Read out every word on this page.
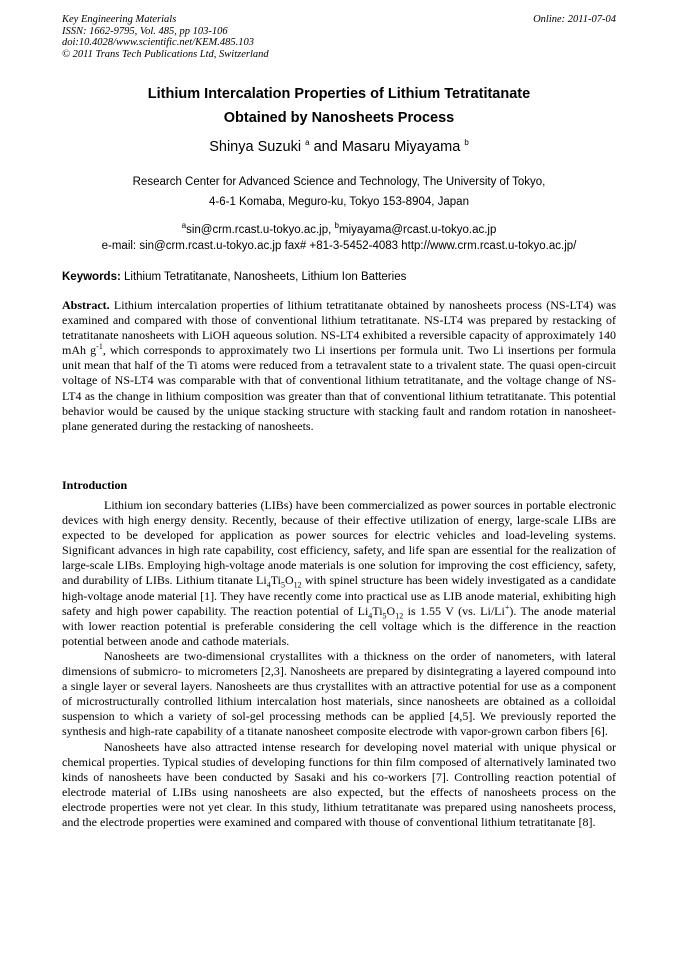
Key Engineering Materials
ISSN: 1662-9795, Vol. 485, pp 103-106
doi:10.4028/www.scientific.net/KEM.485.103
© 2011 Trans Tech Publications Ltd, Switzerland
Online: 2011-07-04
Lithium Intercalation Properties of Lithium Tetratitanate
Obtained by Nanosheets Process
Shinya Suzuki $^a$ and Masaru Miyayama $^b$
Research Center for Advanced Science and Technology, The University of Tokyo,
4-6-1 Komaba, Meguro-ku, Tokyo 153-8904, Japan
$^a$sin@crm.rcast.u-tokyo.ac.jp, $^b$miyayama@rcast.u-tokyo.ac.jp
e-mail: sin@crm.rcast.u-tokyo.ac.jp fax# +81-3-5452-4083 http://www.crm.rcast.u-tokyo.ac.jp/
Keywords: Lithium Tetratitanate, Nanosheets, Lithium Ion Batteries
Abstract. Lithium intercalation properties of lithium tetratitanate obtained by nanosheets process (NS-LT4) was examined and compared with those of conventional lithium tetratitanate. NS-LT4 was prepared by restacking of tetratitanate nanosheets with LiOH aqueous solution. NS-LT4 exhibited a reversible capacity of approximately 140 mAh $g^{-1}$, which corresponds to approximately two Li insertions per formula unit. Two Li insertions per formula unit mean that half of the Ti atoms were reduced from a tetravalent state to a trivalent state. The quasi open-circuit voltage of NS-LT4 was comparable with that of conventional lithium tetratitanate, and the voltage change of NS-LT4 as the change in lithium composition was greater than that of conventional lithium tetratitanate. This potential behavior would be caused by the unique stacking structure with stacking fault and random rotation in nanosheet-plane generated during the restacking of nanosheets.
Introduction

Lithium ion secondary batteries (LIBs) have been commercialized as power sources in portable electronic devices with high energy density. Recently, because of their effective utilization of energy, large-scale LIBs are expected to be developed for application as power sources for electric vehicles and load-leveling systems. Significant advances in high rate capability, cost efficiency, safety, and life span are essential for the realization of large-scale LIBs. Employing high-voltage anode materials is one solution for improving the cost efficiency, safety, and durability of LIBs. Lithium titanate $Li_4Ti_5O_{12}$ with spinel structure has been widely investigated as a candidate high-voltage anode material [1]. They have recently come into practical use as LIB anode material, exhibiting high safety and high power capability. The reaction potential of $Li_4Ti_5O_{12}$ is 1.55 V (vs. Li/Li+). The anode material with lower reaction potential is preferable considering the cell voltage which is the difference in the reaction potential between anode and cathode materials.

Nanosheets are two-dimensional crystallites with a thickness on the order of nanometers, with lateral dimensions of submicro- to micrometers [2,3]. Nanosheets are prepared by disintegrating a layered compound into a single layer or several layers. Nanosheets are thus crystallites with an attractive potential for use as a component of microstructurally controlled lithium intercalation host materials, since nanosheets are obtained as a colloidal suspension to which a variety of sol-gel processing methods can be applied [4,5]. We previously reported the synthesis and high-rate capability of a titanate nanosheet composite electrode with vapor-grown carbon fibers [6].

Nanosheets have also attracted intense research for developing novel material with unique physical or chemical properties. Typical studies of developing functions for thin film composed of alternatively laminated two kinds of nanosheets have been conducted by Sasaki and his co-workers [7]. Controlling reaction potential of electrode material of LIBs using nanosheets are also expected, but the effects of nanosheets process on the electrode properties were not yet clear. In this study, lithium tetratitanate was prepared using nanosheets process, and the electrode properties were examined and compared with thouse of conventional lithium tetratitanate [8].
